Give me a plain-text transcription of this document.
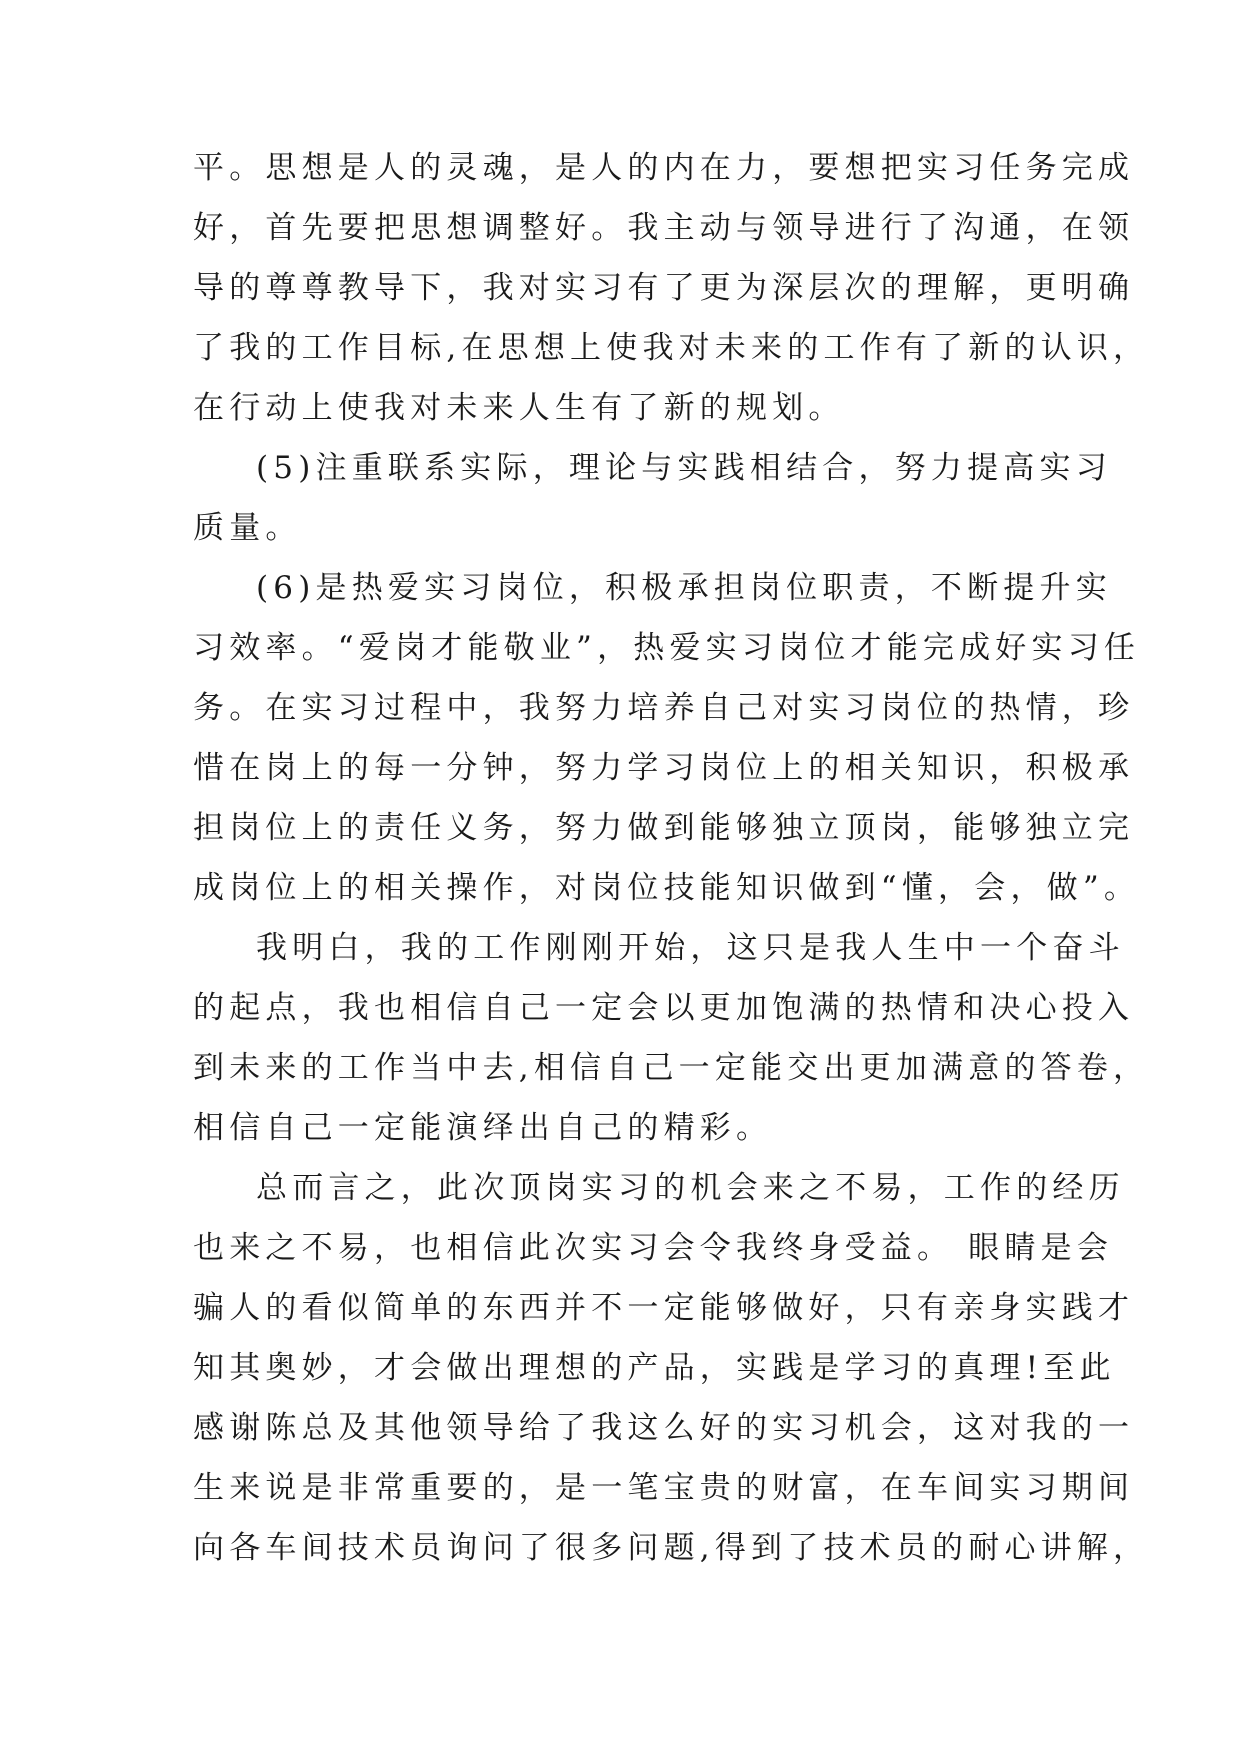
平。思想是人的灵魂，是人的内在力，要想把实习任务完成
好，首先要把思想调整好。我主动与领导进行了沟通，在领
导的尊尊教导下，我对实习有了更为深层次的理解，更明确
了我的工作目标,在思想上使我对未来的工作有了新的认识，
在行动上使我对未来人生有了新的规划。
(5)注重联系实际，理论与实践相结合，努力提高实习
质量。
(6)是热爱实习岗位，积极承担岗位职责，不断提升实
习效率。“爱岗才能敬业”，热爱实习岗位才能完成好实习任
务。在实习过程中，我努力培养自己对实习岗位的热情，珍
惜在岗上的每一分钟，努力学习岗位上的相关知识，积极承
担岗位上的责任义务，努力做到能够独立顶岗，能够独立完
成岗位上的相关操作，对岗位技能知识做到“懂，会，做”。
我明白，我的工作刚刚开始，这只是我人生中一个奋斗
的起点，我也相信自己一定会以更加饱满的热情和决心投入
到未来的工作当中去,相信自己一定能交出更加满意的答卷，
相信自己一定能演绎出自己的精彩。
总而言之，此次顶岗实习的机会来之不易，工作的经历
也来之不易，也相信此次实习会令我终身受益。 眼睛是会
骗人的看似简单的东西并不一定能够做好，只有亲身实践才
知其奥妙，才会做出理想的产品，实践是学习的真理!至此
感谢陈总及其他领导给了我这么好的实习机会，这对我的一
生来说是非常重要的，是一笔宝贵的财富，在车间实习期间
向各车间技术员询问了很多问题,得到了技术员的耐心讲解，
